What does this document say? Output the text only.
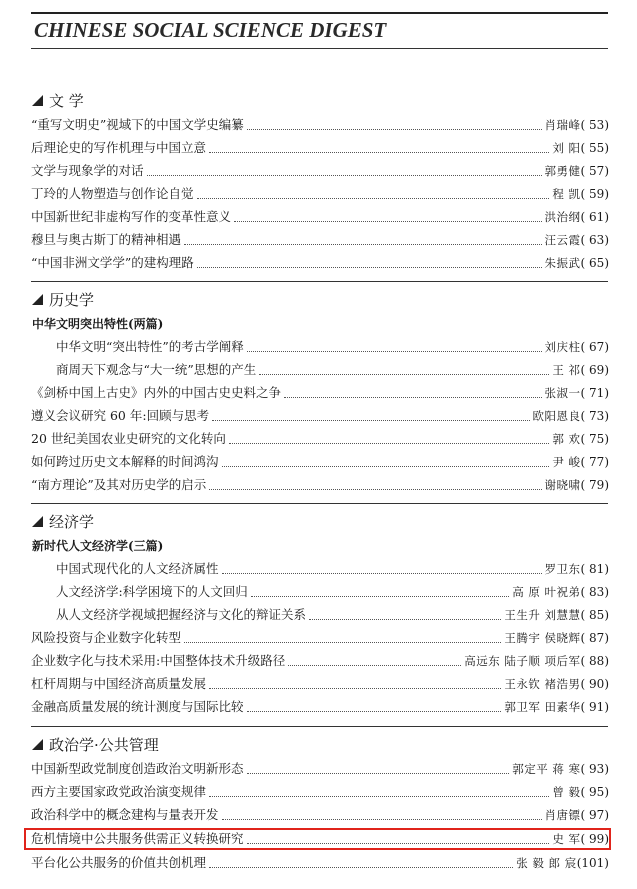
CHINESE SOCIAL SCIENCE DIGEST
文 学
“重写文明史”视域下的中国文学史编纂	肖瑞峰 ( 53)
后理论史的写作机理与中国立意	刘 阳 ( 55)
文学与现象学的对话	郭勇健 ( 57)
丁玲的人物塑造与创作论自觉	程 凯 ( 59)
中国新世纪非虚构写作的变革性意义	洪治纲 ( 61)
穆旦与奥古斯丁的精神相遇	汪云霞 ( 63)
“中国非洲文学学”的建构理路	朱振武 ( 65)
历史学
中华文明突出特性(两篇)
中华文明“突出特性”的考古学阐释	刘庆柱 ( 67)
商周天下观念与“大一统”思想的产生	王 祁 ( 69)
《剑桥中国上古史》内外的中国古史史料之争	张淑一 ( 71)
遵义会议研究 60 年:回顾与思考	欧阳恩良 ( 73)
20 世纪美国农业史研究的文化转向	郭 欢 ( 75)
如何跨过历史文本解释的时间鸿沟	尹 峻 ( 77)
“南方理论”及其对历史学的启示	谢晓啸 ( 79)
经济学
新时代人文经济学(三篇)
中国式现代化的人文经济属性	罗卫东 ( 81)
人文经济学:科学困境下的人文回归	高 原 叶祝弟 ( 83)
从人文经济学视域把握经济与文化的辩证关系	王生升 刘慧慧 ( 85)
风险投资与企业数字化转型	王腾宇 侯晓辉 ( 87)
企业数字化与技术采用:中国整体技术升级路径	高远东 陆子顺 项后军 ( 88)
杠杆周期与中国经济高质量发展	王永钦 褚浩男 ( 90)
金融高质量发展的统计测度与国际比较	郭卫军 田素华 ( 91)
政治学·公共管理
中国新型政党制度创造政治文明新形态	郭定平 蒋 寒 ( 93)
西方主要国家政党政治演变规律	曾 毅 ( 95)
政治科学中的概念建构与量表开发	肖唐镖 ( 97)
危机情境中公共服务供需正义转换研究	史 军 ( 99)
平台化公共服务的价值共创机理	张 毅 郎 宸 (101)
